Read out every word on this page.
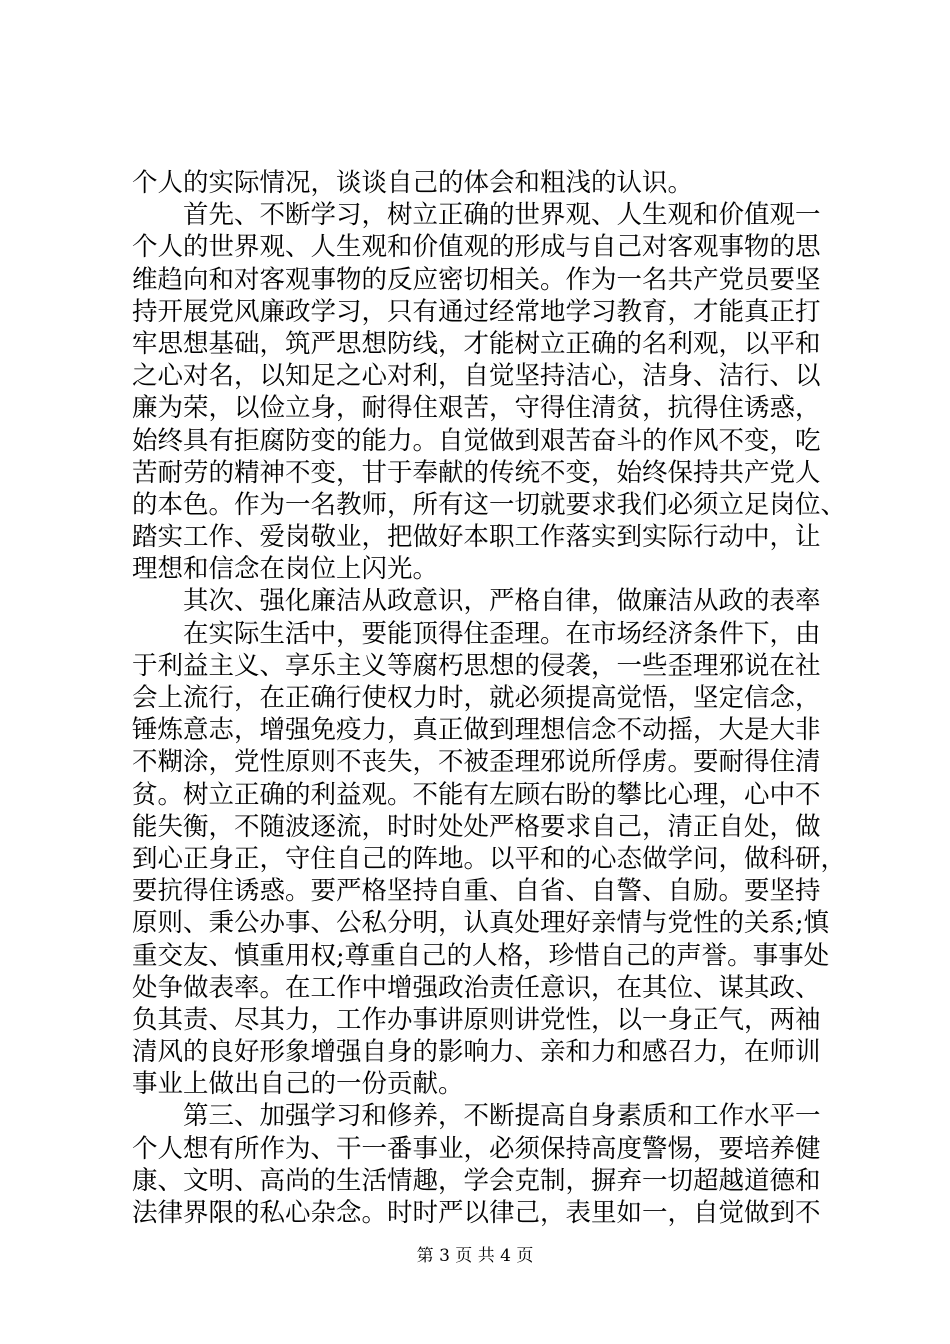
个人的实际情况，谈谈自己的体会和粗浅的认识。
　　首先、不断学习，树立正确的世界观、人生观和价值观一
个人的世界观、人生观和价值观的形成与自己对客观事物的思
维趋向和对客观事物的反应密切相关。作为一名共产党员要坚
持开展党风廉政学习，只有通过经常地学习教育，才能真正打
牢思想基础，筑严思想防线，才能树立正确的名利观，以平和
之心对名，以知足之心对利，自觉坚持洁心，洁身、洁行、以
廉为荣，以俭立身，耐得住艰苦，守得住清贫，抗得住诱惑，
始终具有拒腐防变的能力。自觉做到艰苦奋斗的作风不变，吃
苦耐劳的精神不变，甘于奉献的传统不变，始终保持共产党人
的本色。作为一名教师，所有这一切就要求我们必须立足岗位、
踏实工作、爱岗敬业，把做好本职工作落实到实际行动中，让
理想和信念在岗位上闪光。
　　其次、强化廉洁从政意识，严格自律，做廉洁从政的表率
　　在实际生活中，要能顶得住歪理。在市场经济条件下，由
于利益主义、享乐主义等腐朽思想的侵袭，一些歪理邪说在社
会上流行，在正确行使权力时，就必须提高觉悟，坚定信念，
锤炼意志，增强免疫力，真正做到理想信念不动摇，大是大非
不糊涂，党性原则不丧失，不被歪理邪说所俘虏。要耐得住清
贫。树立正确的利益观。不能有左顾右盼的攀比心理，心中不
能失衡，不随波逐流，时时处处严格要求自己，清正自处，做
到心正身正，守住自己的阵地。以平和的心态做学问，做科研，
要抗得住诱惑。要严格坚持自重、自省、自警、自励。要坚持
原则、秉公办事、公私分明，认真处理好亲情与党性的关系;慎
重交友、慎重用权;尊重自己的人格，珍惜自己的声誉。事事处
处争做表率。在工作中增强政治责任意识，在其位、谋其政、
负其责、尽其力，工作办事讲原则讲党性，以一身正气，两袖
清风的良好形象增强自身的影响力、亲和力和感召力，在师训
事业上做出自己的一份贡献。
　　第三、加强学习和修养，不断提高自身素质和工作水平一
个人想有所作为、干一番事业，必须保持高度警惕，要培养健
康、文明、高尚的生活情趣，学会克制，摒弃一切超越道德和
法律界限的私心杂念。时时严以律己，表里如一，自觉做到不
第 3 页 共 4 页
